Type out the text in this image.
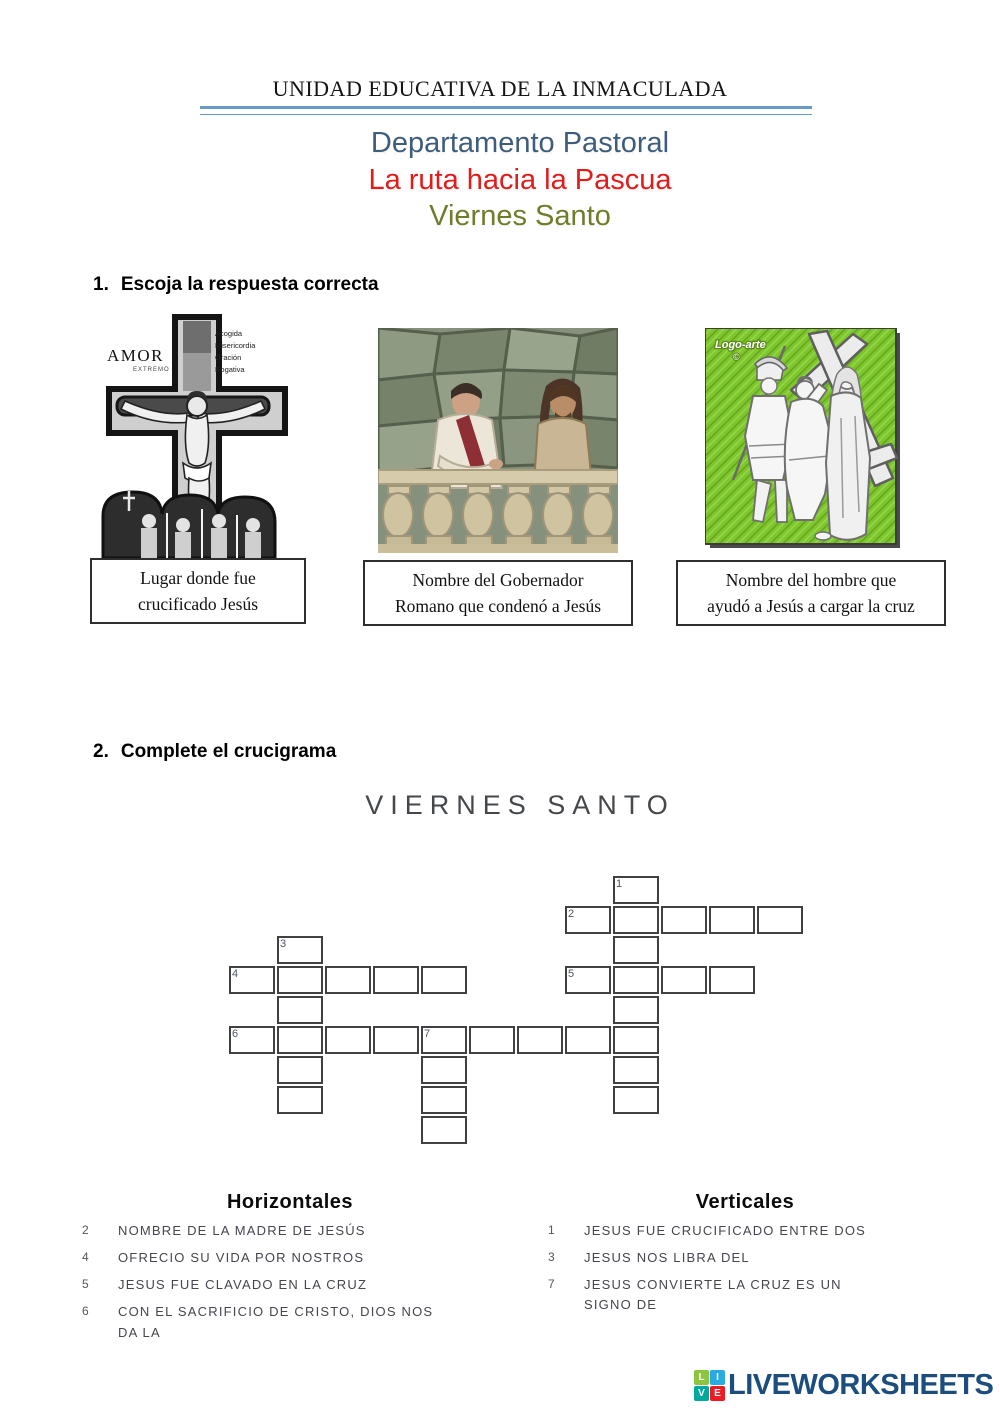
UNIDAD EDUCATIVA DE LA INMACULADA
Departamento Pastoral
La ruta hacia la Pascua
Viernes Santo
1. Escoja la respuesta correcta
AMOR
EXTREMO
Acogida
Misericordia
Oración
Rogativa
Logo-arte
©
Lugar donde fue
crucificado Jesús
Nombre del Gobernador
Romano que condenó a Jesús
Nombre del hombre que
ayudó a Jesús a cargar la cruz
2. Complete el crucigrama
VIERNES SANTO
1
2
3
4	5
6	7
Horizontales	Verticales
2	NOMBRE DE LA MADRE DE JESÚS
4	OFRECIO SU VIDA POR NOSTROS
5	JESUS FUE CLAVADO EN LA CRUZ
6	CON EL SACRIFICIO DE CRISTO, DIOS NOS DA LA
1	JESUS FUE CRUCIFICADO ENTRE DOS
3	JESUS NOS LIBRA DEL
7	JESUS CONVIERTE LA CRUZ ES UN SIGNO DE
L	I
V E LIVEWORKSHEETS
